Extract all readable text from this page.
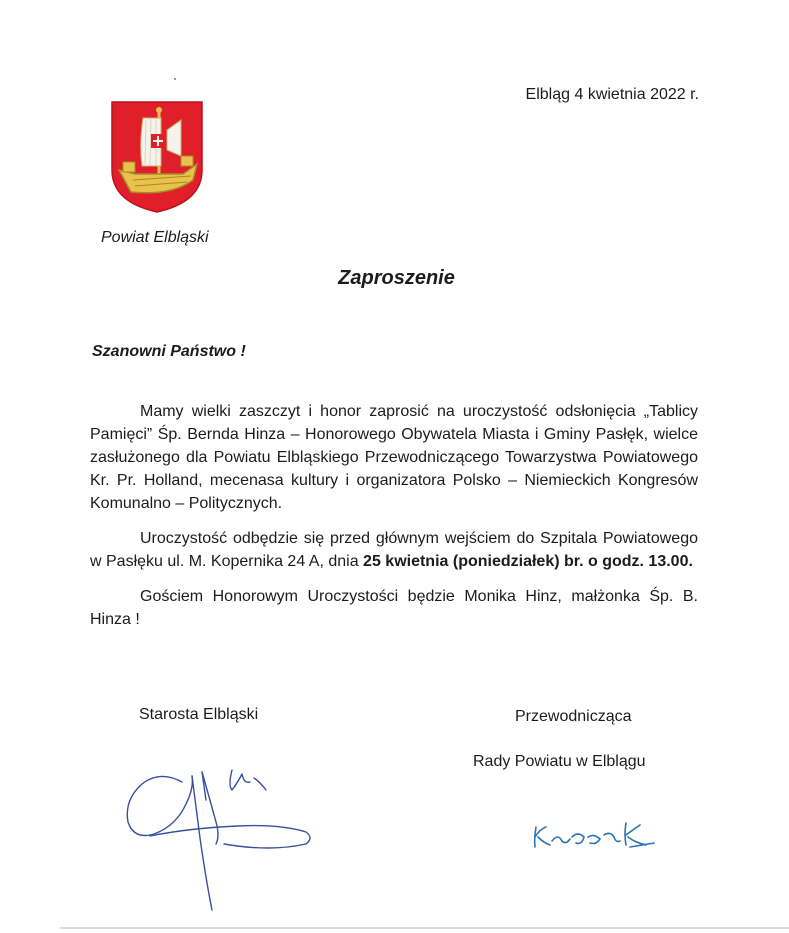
Elbląg 4 kwietnia 2022 r.
Powiat Elbląski
Zaproszenie
Szanowni Państwo !

Mamy wielki zaszczyt i honor zaprosić na uroczystość odsłonięcia „Tablicy Pamięci” Śp. Bernda Hinza – Honorowego Obywatela Miasta i Gminy Pasłęk, wielce zasłużonego dla Powiatu Elbląskiego Przewodniczącego Towarzystwa Powiatowego Kr. Pr. Holland, mecenasa kultury i organizatora Polsko – Niemieckich Kongresów Komunalno – Politycznych.

Uroczystość odbędzie się przed głównym wejściem do Szpitala Powiatowego w Pasłęku ul. M. Kopernika 24 A, dnia 25 kwietnia (poniedziałek) br. o godz. 13.00.

Gościem Honorowym Uroczystości będzie Monika Hinz, małżonka Śp. B. Hinza !

Starosta Elbląski	Przewodnicząca
Rady Powiatu w Elblągu
